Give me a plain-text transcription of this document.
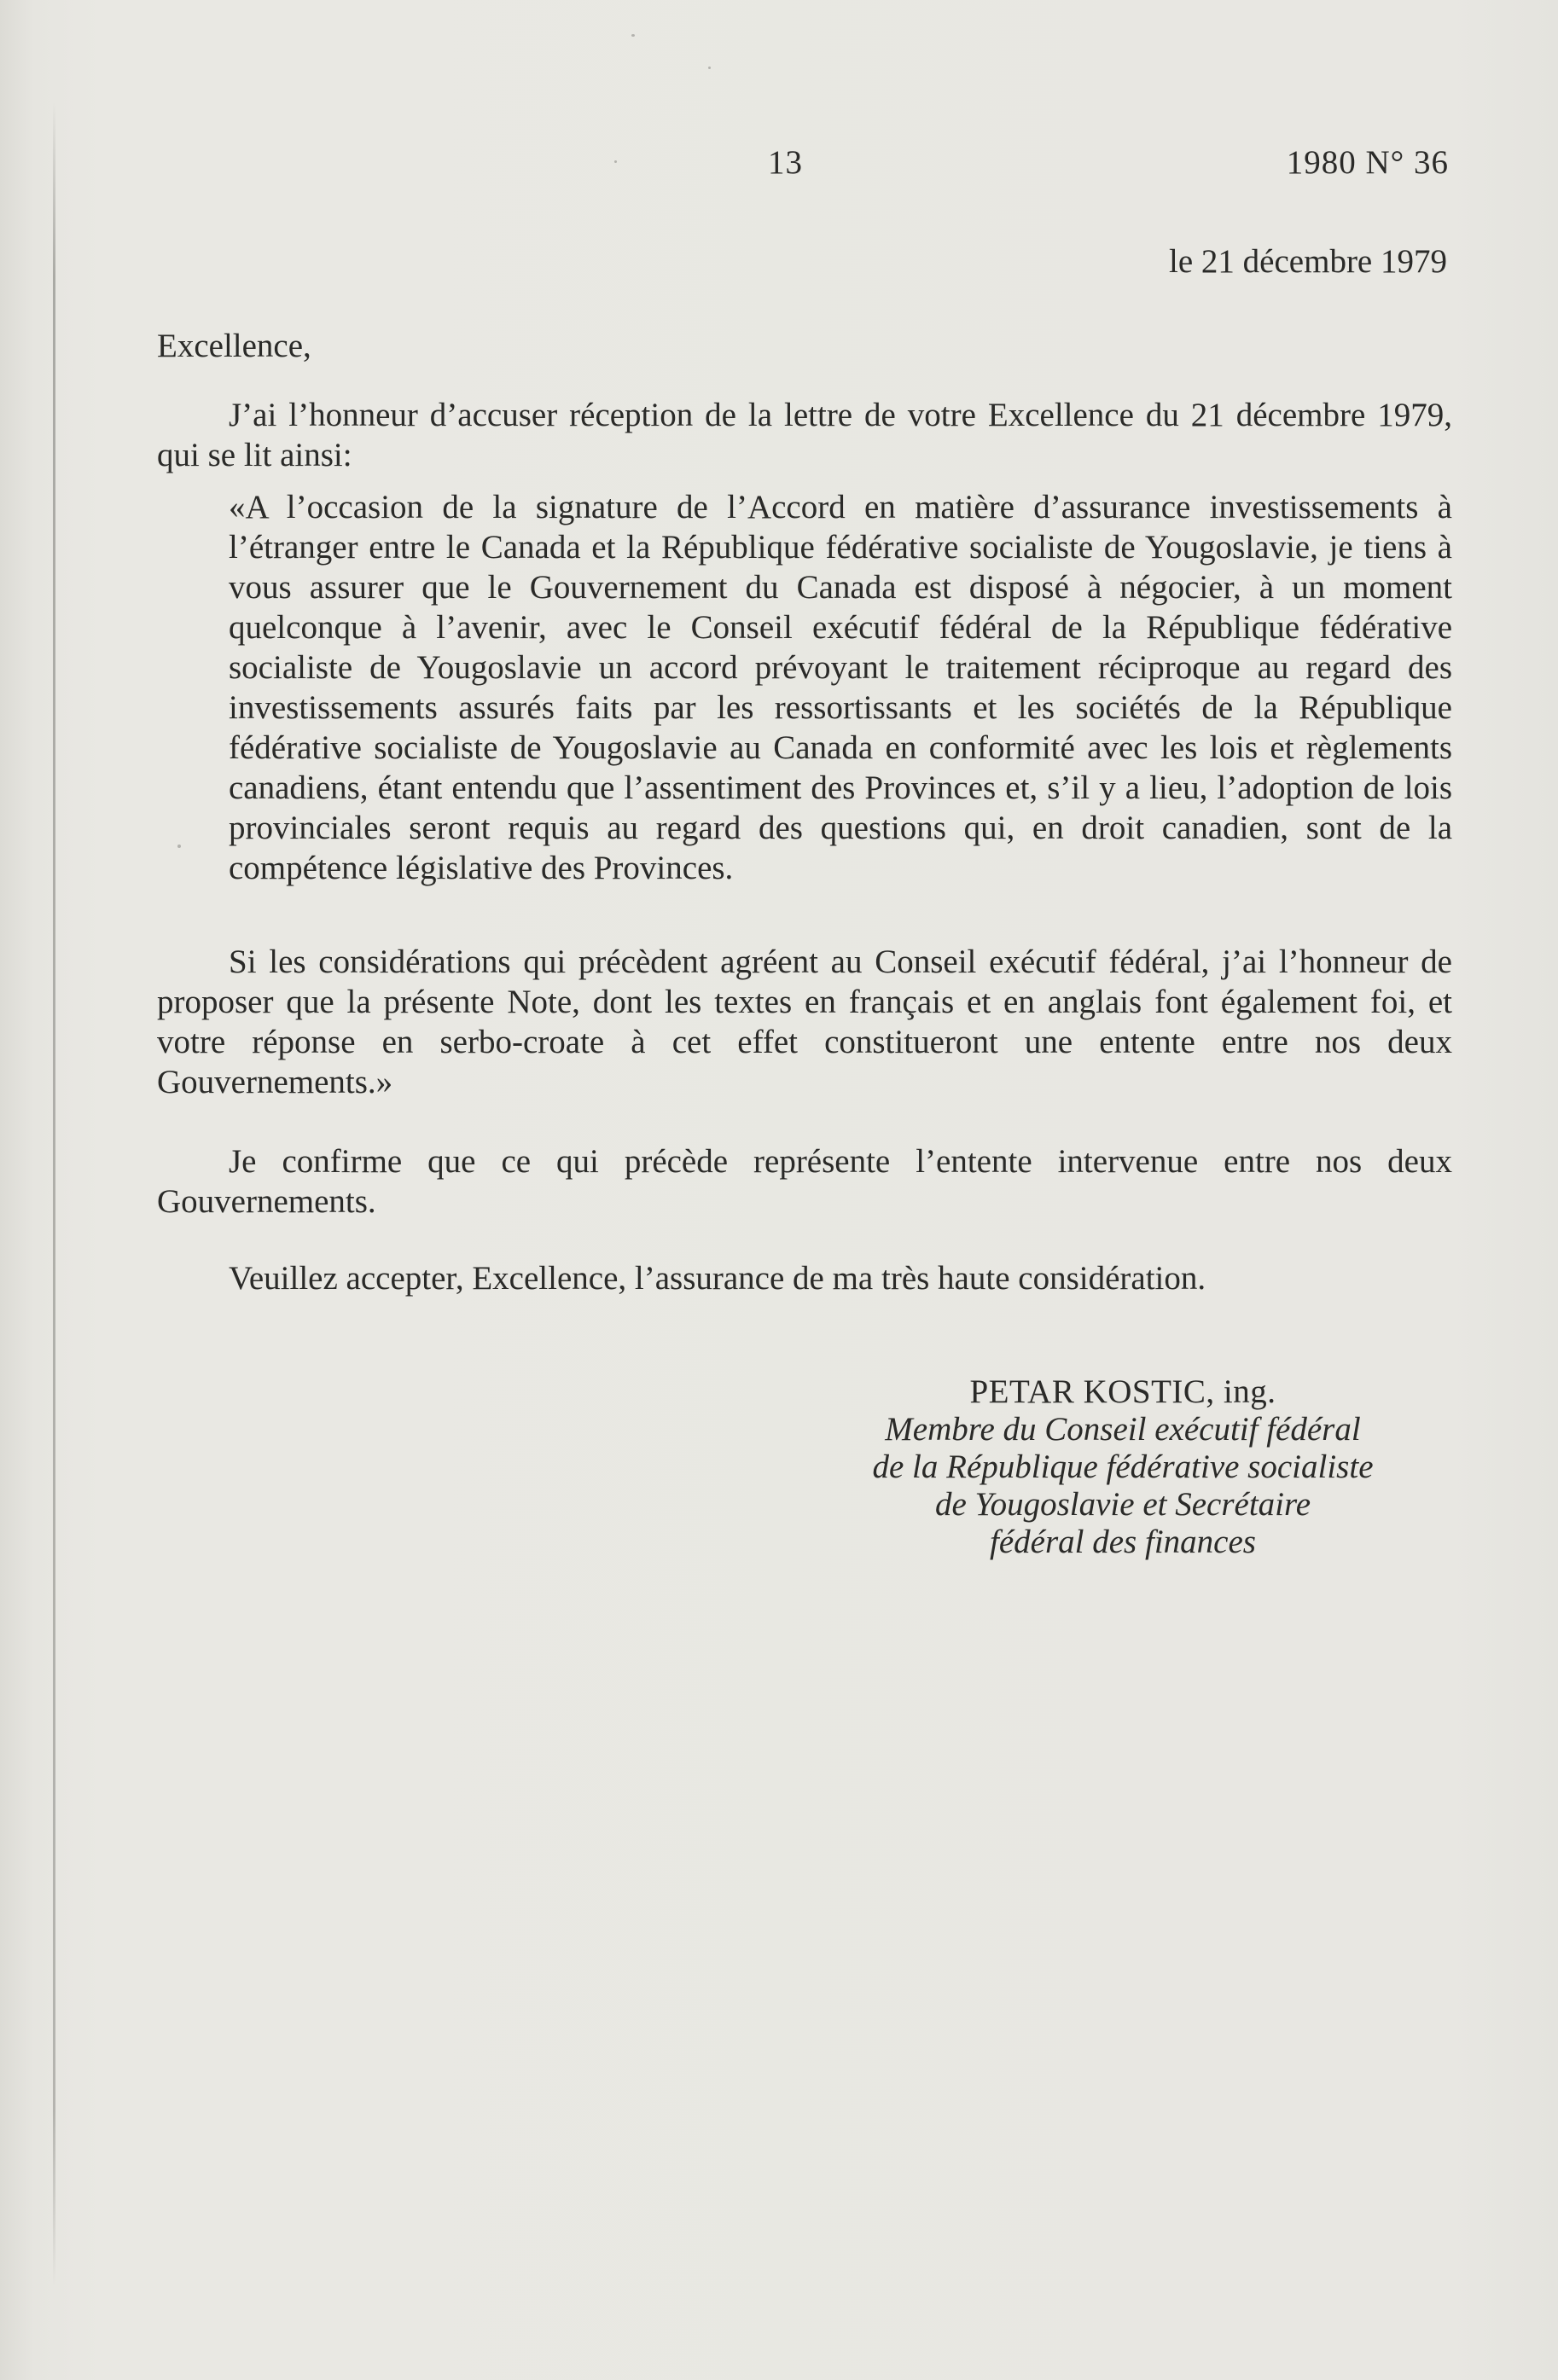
13	1980 N° 36
le 21 décembre 1979
Excellence,

J’ai l’honneur d’accuser réception de la lettre de votre Excellence du 21 décembre 1979, qui se lit ainsi:

«A l’occasion de la signature de l’Accord en matière d’assurance investissements à l’étranger entre le Canada et la République fédérative socialiste de Yougoslavie, je tiens à vous assurer que le Gouvernement du Canada est disposé à négocier, à un moment quelconque à l’avenir, avec le Conseil exécutif fédéral de la République fédérative socialiste de Yougoslavie un accord prévoyant le traitement réciproque au regard des investissements assurés faits par les ressortissants et les sociétés de la République fédérative socialiste de Yougoslavie au Canada en conformité avec les lois et règlements canadiens, étant entendu que l’assentiment des Provinces et, s’il y a lieu, l’adoption de lois provinciales seront requis au regard des questions qui, en droit canadien, sont de la compétence législative des Provinces.

Si les considérations qui précèdent agréent au Conseil exécutif fédéral, j’ai l’honneur de proposer que la présente Note, dont les textes en français et en anglais font également foi, et votre réponse en serbo-croate à cet effet constitueront une entente entre nos deux Gouvernements.»

Je confirme que ce qui précède représente l’entente intervenue entre nos deux Gouvernements.

Veuillez accepter, Excellence, l’assurance de ma très haute considération.

PETAR KOSTIC, ing.
Membre du Conseil exécutif fédéral
de la République fédérative socialiste
de Yougoslavie et Secrétaire
fédéral des finances
